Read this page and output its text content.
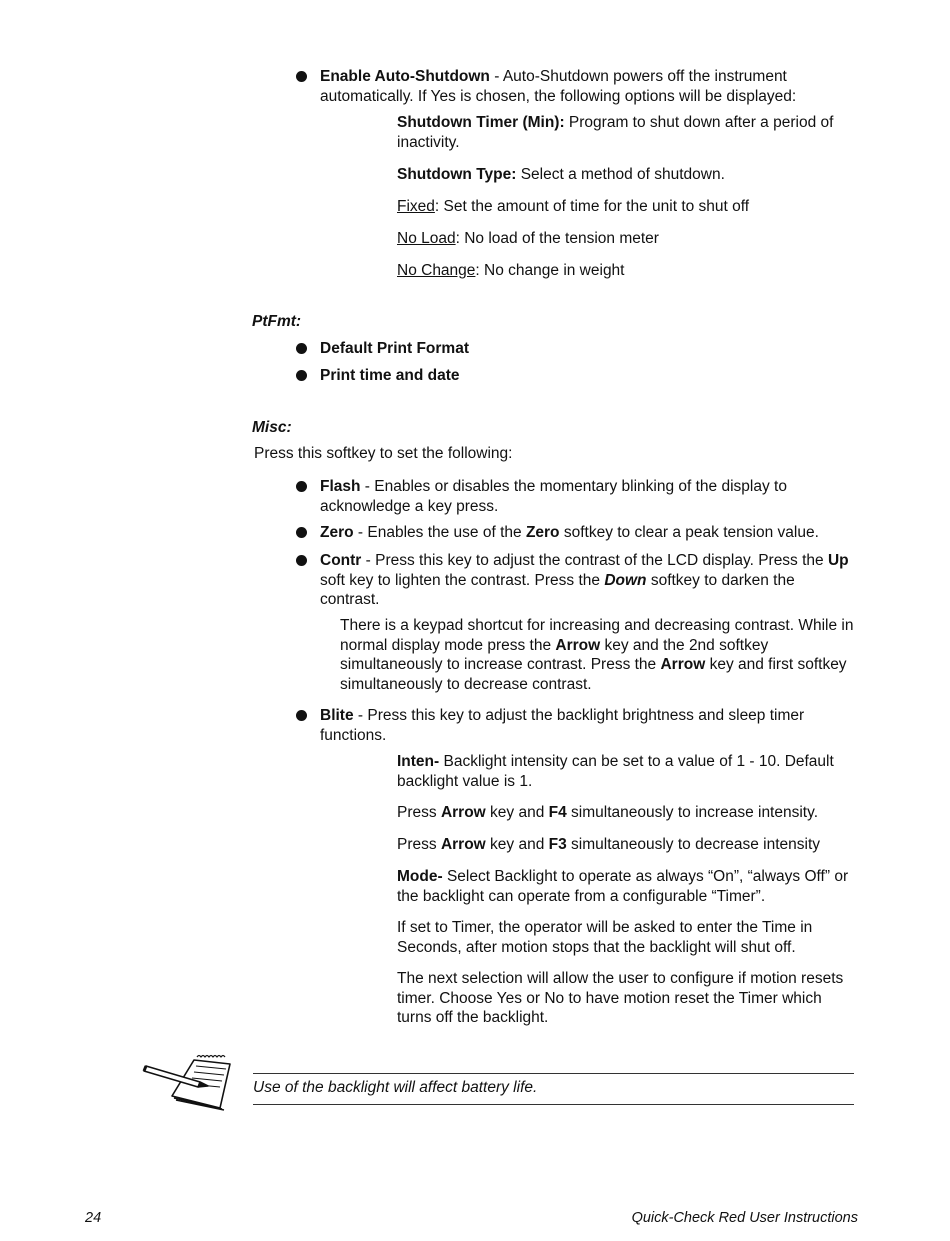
Enable Auto-Shutdown - Auto-Shutdown powers off the instrument automatically. If Yes is chosen, the following options will be displayed:

Shutdown Timer (Min): Program to shut down after a period of inactivity.

Shutdown Type: Select a method of shutdown.

Fixed: Set the amount of time for the unit to shut off

No Load: No load of the tension meter

No Change: No change in weight

PtFmt:

Default Print Format

Print time and date

Misc:

Press this softkey to set the following:

Flash - Enables or disables the momentary blinking of the display to acknowledge a key press.

Zero - Enables the use of the Zero softkey to clear a peak tension value.

Contr - Press this key to adjust the contrast of the LCD display. Press the Up soft key to lighten the contrast. Press the Down softkey to darken the contrast.

There is a keypad shortcut for increasing and decreasing contrast. While in normal display mode press the Arrow key and the 2nd softkey simultaneously to increase contrast. Press the Arrow key and first softkey simultaneously to decrease contrast.

Blite - Press this key to adjust the backlight brightness and sleep timer functions.

Inten- Backlight intensity can be set to a value of 1 - 10. Default backlight value is 1.

Press Arrow key and F4 simultaneously to increase intensity.

Press Arrow key and F3 simultaneously to decrease intensity

Mode- Select Backlight to operate as always “On”, “always Off” or the backlight can operate from a configurable “Timer”.

If set to Timer, the operator will be asked to enter the Time in Seconds, after motion stops that the backlight will shut off.

The next selection will allow the user to configure if motion resets timer. Choose Yes or No to have motion reset the Timer which turns off the backlight.

Use of the backlight will affect battery life.

24	Quick-Check Red User Instructions
